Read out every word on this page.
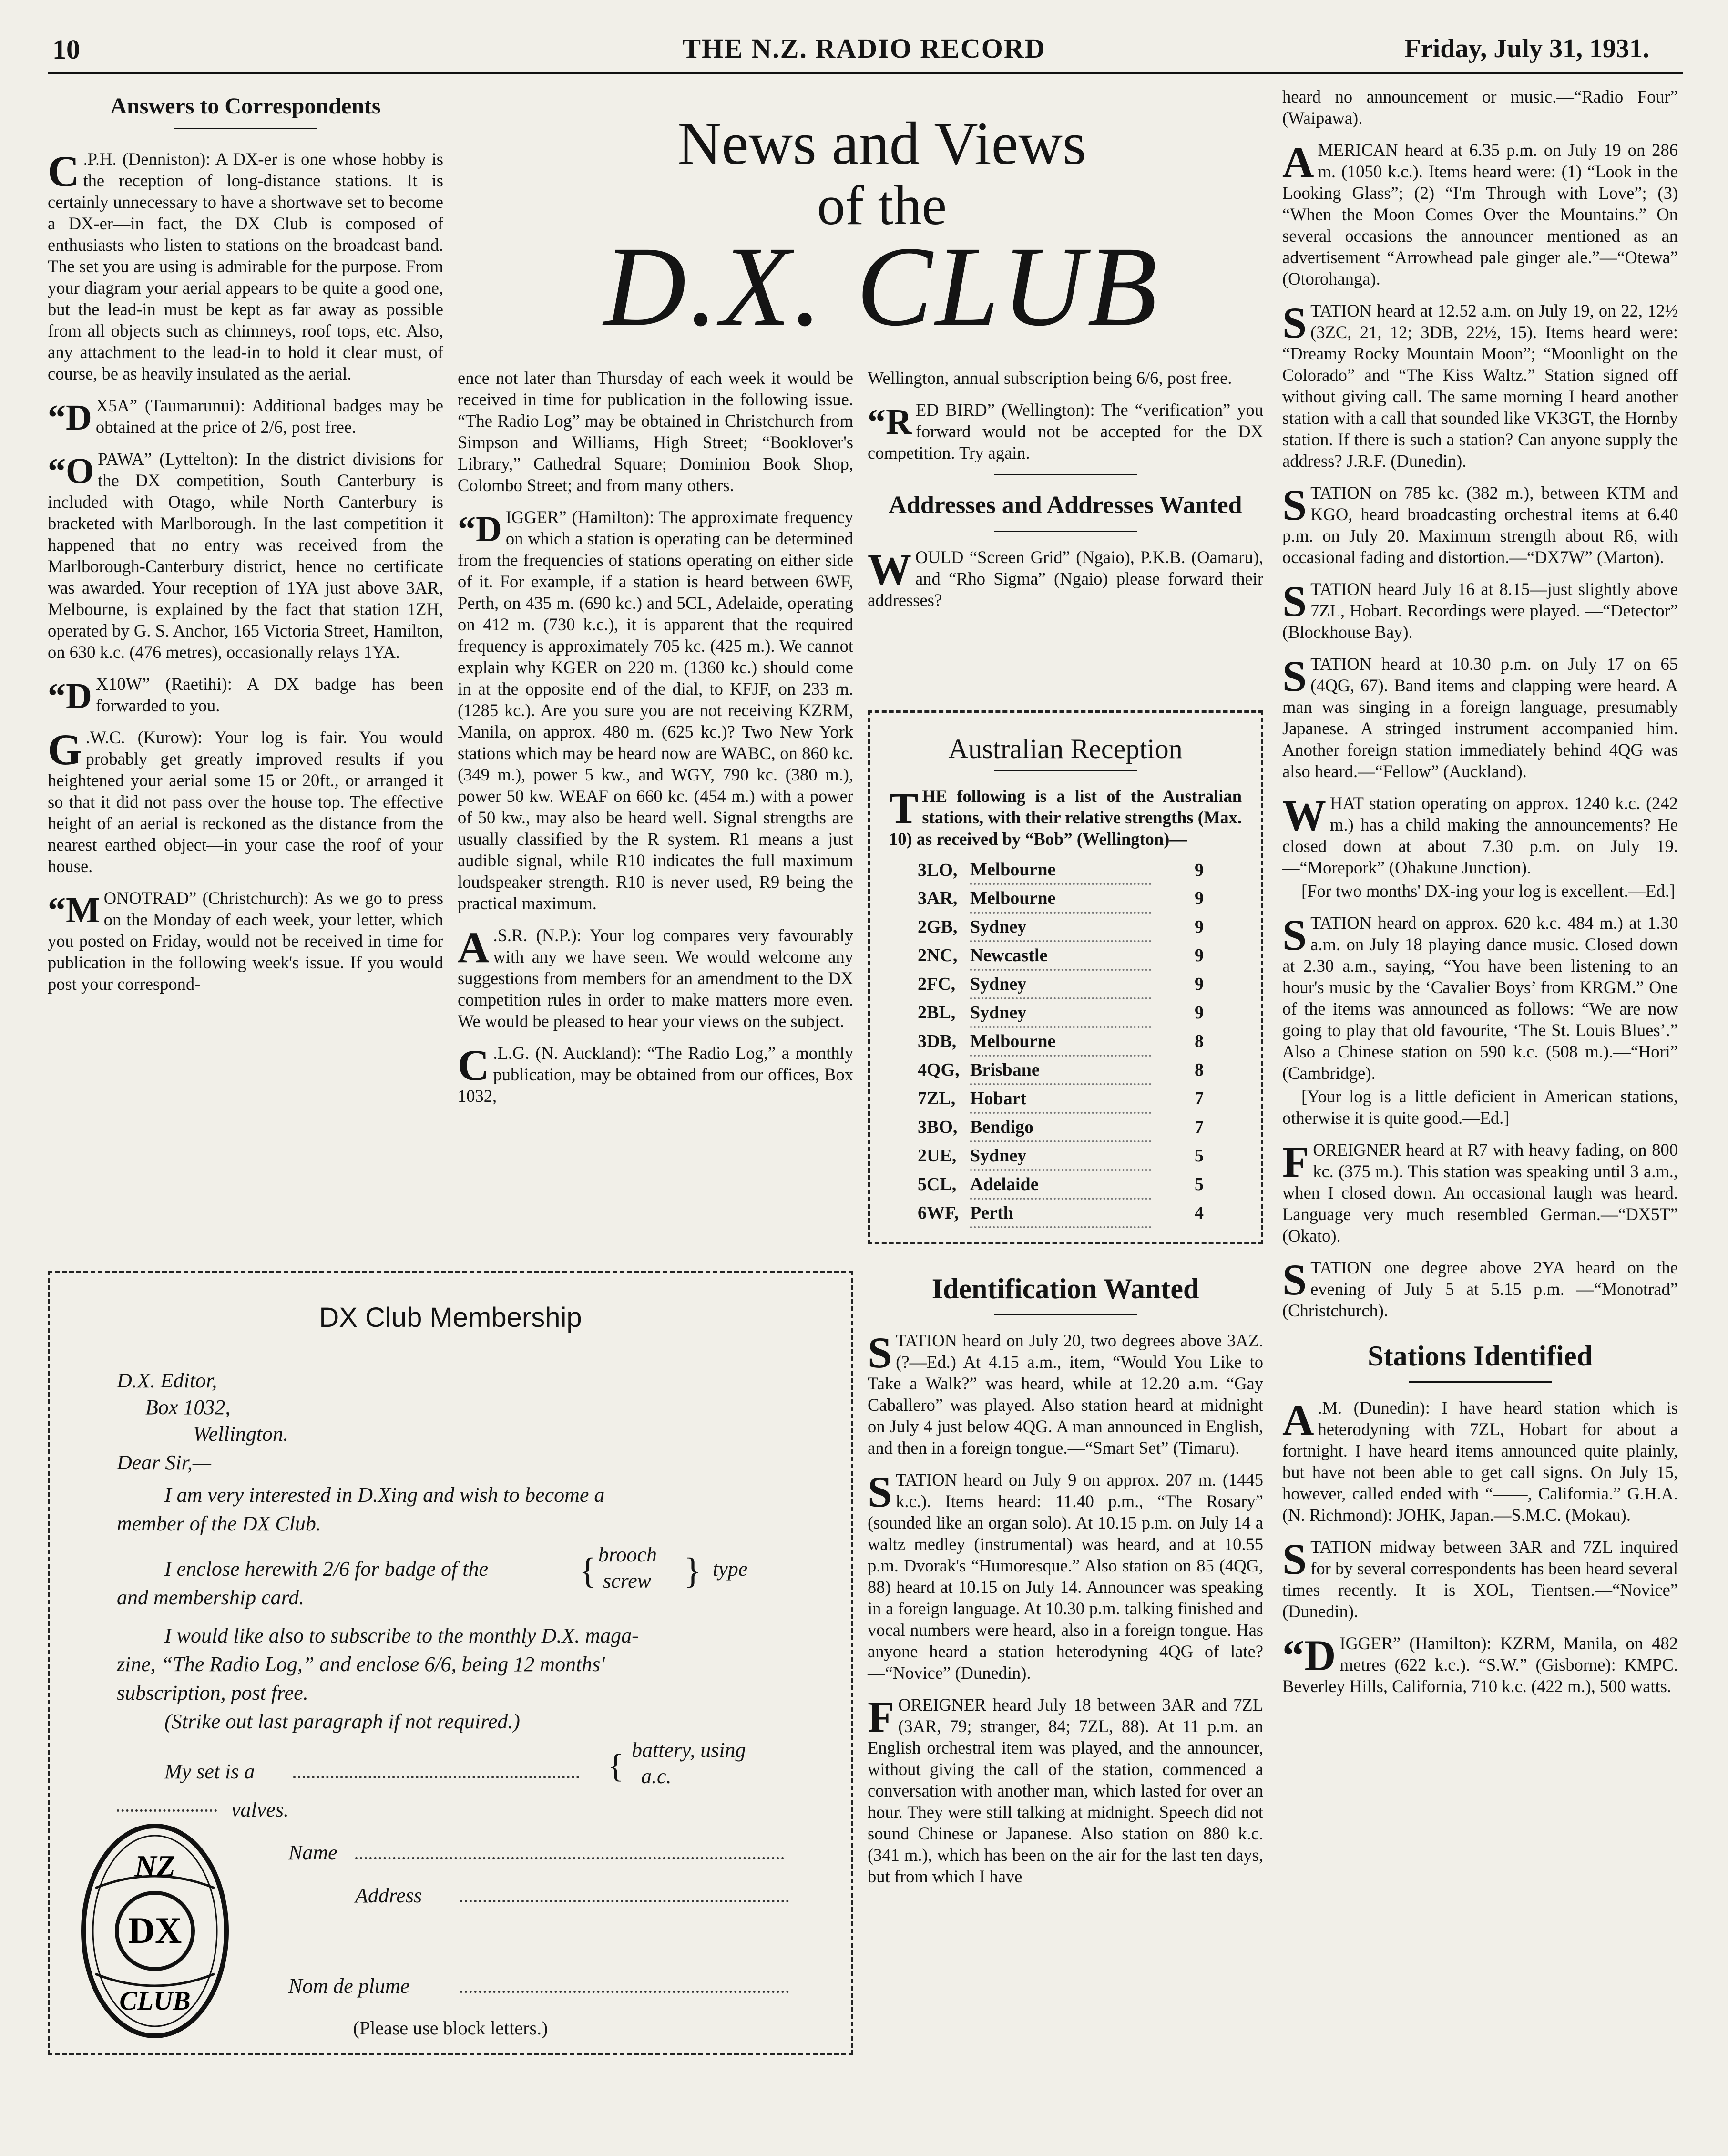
10	THE N.Z. RADIO RECORD	Friday, July 31, 1931.
News and Views
of the
D.X. CLUB
Answers to Correspondents

C .P.H. (Denniston): A DX-er is one whose hobby is the reception of long-distance stations. It is certainly unnecessary to have a shortwave set to become a DX-er—in fact, the DX Club is composed of enthusiasts who listen to stations on the broadcast band. The set you are using is admirable for the purpose. From your diagram your aerial appears to be quite a good one, but the lead-in must be kept as far away as possible from all objects such as chimneys, roof tops, etc. Also, any attachment to the lead-in to hold it clear must, of course, be as heavily insulated as the aerial.

“D X5A” (Taumarunui): Additional badges may be obtained at the price of 2/6, post free.

“OPAWA” (Lyttelton): In the district divisions for the DX competition, South Canterbury is included with Otago, while North Canterbury is bracketed with Marlborough. In the last competition it happened that no entry was received from the Marlborough-Canterbury district, hence no certificate was awarded. Your reception of 1YA just above 3AR, Melbourne, is explained by the fact that station 1ZH, operated by G. S. Anchor, 165 Victoria Street, Hamilton, on 630 k.c. (476 metres), occasionally relays 1YA.

“D X10W” (Raetihi): A DX badge has been forwarded to you.

G .W.C. (Kurow): Your log is fair. You would probably get greatly improved results if you heightened your aerial some 15 or 20ft., or arranged it so that it did not pass over the house top. The effective height of an aerial is reckoned as the distance from the nearest earthed object—in your case the roof of your house.

“MONOTRAD” (Christchurch): As we go to press on the Monday of each week, your letter, which you posted on Friday, would not be received in time for publication in the following week's issue. If you would post your correspond-

ence not later than Thursday of each week it would be received in time for publication in the following issue. “The Radio Log” may be obtained in Christchurch from Simpson and Williams, High Street; “Booklover's Library,” Cathedral Square; Dominion Book Shop, Colombo Street; and from many others.

“DIGGER” (Hamilton): The approximate frequency on which a station is operating can be determined from the frequencies of stations operating on either side of it. For example, if a station is heard between 6WF, Perth, on 435 m. (690 kc.) and 5CL, Adelaide, operating on 412 m. (730 k.c.), it is apparent that the required frequency is approximately 705 kc. (425 m.). We cannot explain why KGER on 220 m. (1360 kc.) should come in at the opposite end of the dial, to KFJF, on 233 m. (1285 kc.). Are you sure you are not receiving KZRM, Manila, on approx. 480 m. (625 kc.)? Two New York stations which may be heard now are WABC, on 860 kc. (349 m.), power 5 kw., and WGY, 790 kc. (380 m.), power 50 kw. WEAF on 660 kc. (454 m.) with a power of 50 kw., may also be heard well. Signal strengths are usually classified by the R system. R1 means a just audible signal, while R10 indicates the full maximum loudspeaker strength. R10 is never used, R9 being the practical maximum.

A .S.R. (N.P.): Your log compares very favourably with any we have seen. We would welcome any suggestions from members for an amendment to the DX competition rules in order to make matters more even. We would be pleased to hear your views on the subject.

C .L.G. (N. Auckland): “The Radio Log,” a monthly publication, may be obtained from our offices, Box 1032,

Wellington, annual subscription being 6/6, post free.

“RED BIRD” (Wellington): The “verification” you forward would not be accepted for the DX competition. Try again.

Addresses and Addresses Wanted

WOULD “Screen Grid” (Ngaio), P.K.B. (Oamaru), and “Rho Sigma” (Ngaio) please forward their addresses?

Australian Reception
THE following is a list of the Australian stations, with their relative strengths (Max. 10) as received by “Bob” (Wellington)—
3LO,	Melbourne	9
3AR,	Melbourne	9
2GB,	Sydney	9
2NC,	Newcastle	9
2FC,	Sydney	9
2BL,	Sydney	9
3DB,	Melbourne	8
4QG,	Brisbane	8
7ZL,	Hobart	7
3BO,	Bendigo	7
2UE,	Sydney	5
5CL,	Adelaide	5
6WF,	Perth	4
Identification Wanted

STATION heard on July 20, two degrees above 3AZ. (?—Ed.) At 4.15 a.m., item, “Would You Like to Take a Walk?” was heard, while at 12.20 a.m. “Gay Caballero” was played. Also station heard at midnight on July 4 just below 4QG. A man announced in English, and then in a foreign tongue.—“Smart Set” (Timaru).

STATION heard on July 9 on approx. 207 m. (1445 k.c.). Items heard: 11.40 p.m., “The Rosary” (sounded like an organ solo). At 10.15 p.m. on July 14 a waltz medley (instrumental) was heard, and at 10.55 p.m. Dvorak's “Humoresque.” Also station on 85 (4QG, 88) heard at 10.15 on July 14. Announcer was speaking in a foreign language. At 10.30 p.m. talking finished and vocal numbers were heard, also in a foreign tongue. Has anyone heard a station heterodyning 4QG of late?—“Novice” (Dunedin).

FOREIGNER heard July 18 between 3AR and 7ZL (3AR, 79; stranger, 84; 7ZL, 88). At 11 p.m. an English orchestral item was played, and the announcer, without giving the call of the station, commenced a conversation with another man, which lasted for over an hour. They were still talking at midnight. Speech did not sound Chinese or Japanese. Also station on 880 k.c. (341 m.), which has been on the air for the last ten days, but from which I have

heard no announcement or music.—“Radio Four” (Waipawa).

AMERICAN heard at 6.35 p.m. on July 19 on 286 m. (1050 k.c.). Items heard were: (1) “Look in the Looking Glass”; (2) “I'm Through with Love”; (3) “When the Moon Comes Over the Mountains.” On several occasions the announcer mentioned as an advertisement “Arrowhead pale ginger ale.”—“Otewa” (Otorohanga).

STATION heard at 12.52 a.m. on July 19, on 22, 12½ (3ZC, 21, 12; 3DB, 22½, 15). Items heard were: “Dreamy Rocky Mountain Moon”; “Moonlight on the Colorado” and “The Kiss Waltz.” Station signed off without giving call. The same morning I heard another station with a call that sounded like VK3GT, the Hornby station. If there is such a station? Can anyone supply the address? J.R.F. (Dunedin).

STATION on 785 kc. (382 m.), between KTM and KGO, heard broadcasting orchestral items at 6.40 p.m. on July 20. Maximum strength about R6, with occasional fading and distortion.—“DX7W” (Marton).

STATION heard July 16 at 8.15—just slightly above 7ZL, Hobart. Recordings were played. —“Detector” (Blockhouse Bay).

STATION heard at 10.30 p.m. on July 17 on 65 (4QG, 67). Band items and clapping were heard. A man was singing in a foreign language, presumably Japanese. A stringed instrument accompanied him. Another foreign station immediately behind 4QG was also heard.—“Fellow” (Auckland).

WHAT station operating on approx. 1240 k.c. (242 m.) has a child making the announcements? He closed down at about 7.30 p.m. on July 19.—“Morepork” (Ohakune Junction).

[For two months' DX-ing your log is excellent.—Ed.]

STATION heard on approx. 620 k.c. 484 m.) at 1.30 a.m. on July 18 playing dance music. Closed down at 2.30 a.m., saying, “You have been listening to an hour's music by the ‘Cavalier Boys’ from KRGM.” One of the items was announced as follows: “We are now going to play that old favourite, ‘The St. Louis Blues’.” Also a Chinese station on 590 k.c. (508 m.).—“Hori” (Cambridge).

[Your log is a little deficient in American stations, otherwise it is quite good.—Ed.]

FOREIGNER heard at R7 with heavy fading, on 800 kc. (375 m.). This station was speaking until 3 a.m., when I closed down. An occasional laugh was heard. Language very much resembled German.—“DX5T” (Okato).

STATION one degree above 2YA heard on the evening of July 5 at 5.15 p.m. —“Monotrad” (Christchurch).

Stations Identified

A .M. (Dunedin): I have heard station which is heterodyning with 7ZL, Hobart for about a fortnight. I have heard items announced quite plainly, but have not been able to get call signs. On July 15, however, called ended with “——, California.” G.H.A. (N. Richmond): JOHK, Japan.—S.M.C. (Mokau).

STATION midway between 3AR and 7ZL inquired for by several correspondents has been heard several times recently. It is XOL, Tientsen.—“Novice” (Dunedin).

“DIGGER” (Hamilton): KZRM, Manila, on 482 metres (622 k.c.). “S.W.” (Gisborne): KMPC. Beverley Hills, California, 710 k.c. (422 m.), 500 watts.

DX Club Membership
D.X. Editor,
Box 1032,
Wellington.
Dear Sir,—
I am very interested in D.Xing and wish to become a
member of the DX Club.
I enclose herewith 2/6 for badge of the	{ brooch
screw } type
and membership card.
I would like also to subscribe to the monthly D.X. maga-
zine, “The Radio Log,” and enclose 6/6, being 12 months'
subscription, post free.
(Strike out last paragraph if not required.)
My set is a	{ battery, using
a.c.
valves.
Name
Address
Nom de plume
(Please use block letters.)
NZ
DX
CLUB
